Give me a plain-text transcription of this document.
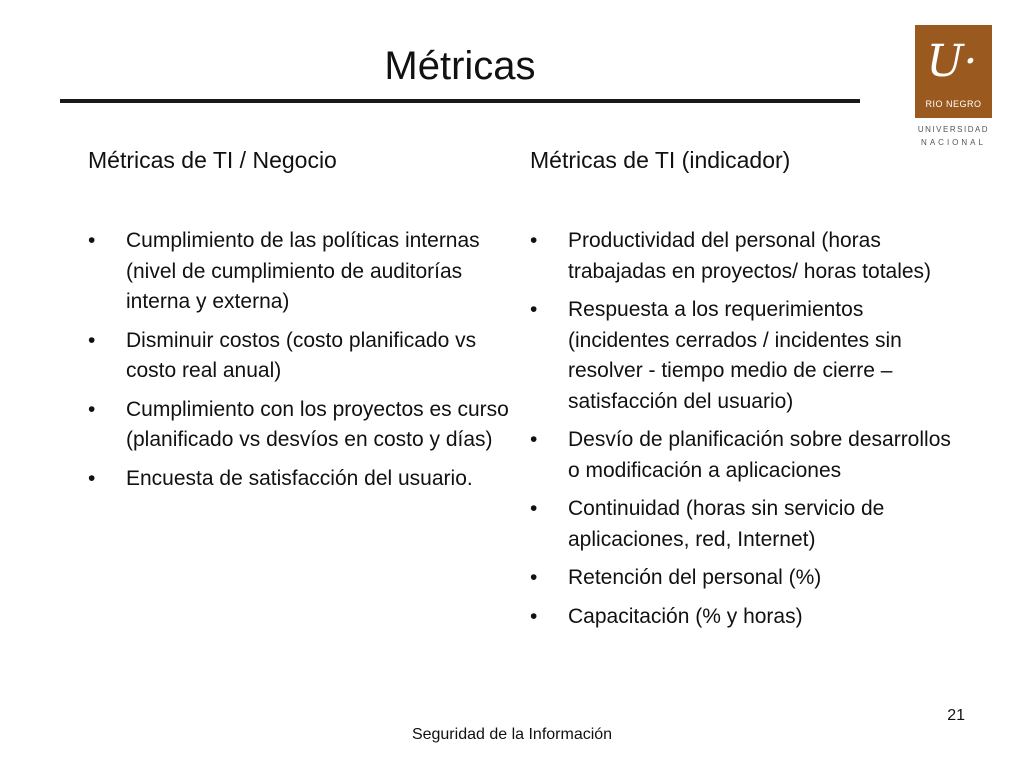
Métricas	U·
RIO NEGRO
UNIVERSIDAD
NACIONAL
Métricas de TI / Negocio
• Cumplimiento de las políticas internas (nivel de cumplimiento de auditorías interna y externa)
• Disminuir costos (costo planificado vs costo real anual)
• Cumplimiento con los proyectos es curso (planificado vs desvíos en costo y días)
• Encuesta de satisfacción del usuario.
Métricas de TI (indicador)
• Productividad del personal (horas trabajadas en proyectos/ horas totales)
• Respuesta a los requerimientos (incidentes cerrados / incidentes sin resolver - tiempo medio de cierre – satisfacción del usuario)
• Desvío de planificación sobre desarrollos o modificación a aplicaciones
• Continuidad (horas sin servicio de aplicaciones, red, Internet)
• Retención del personal (%)
• Capacitación (% y horas)
Seguridad de la Información
21
